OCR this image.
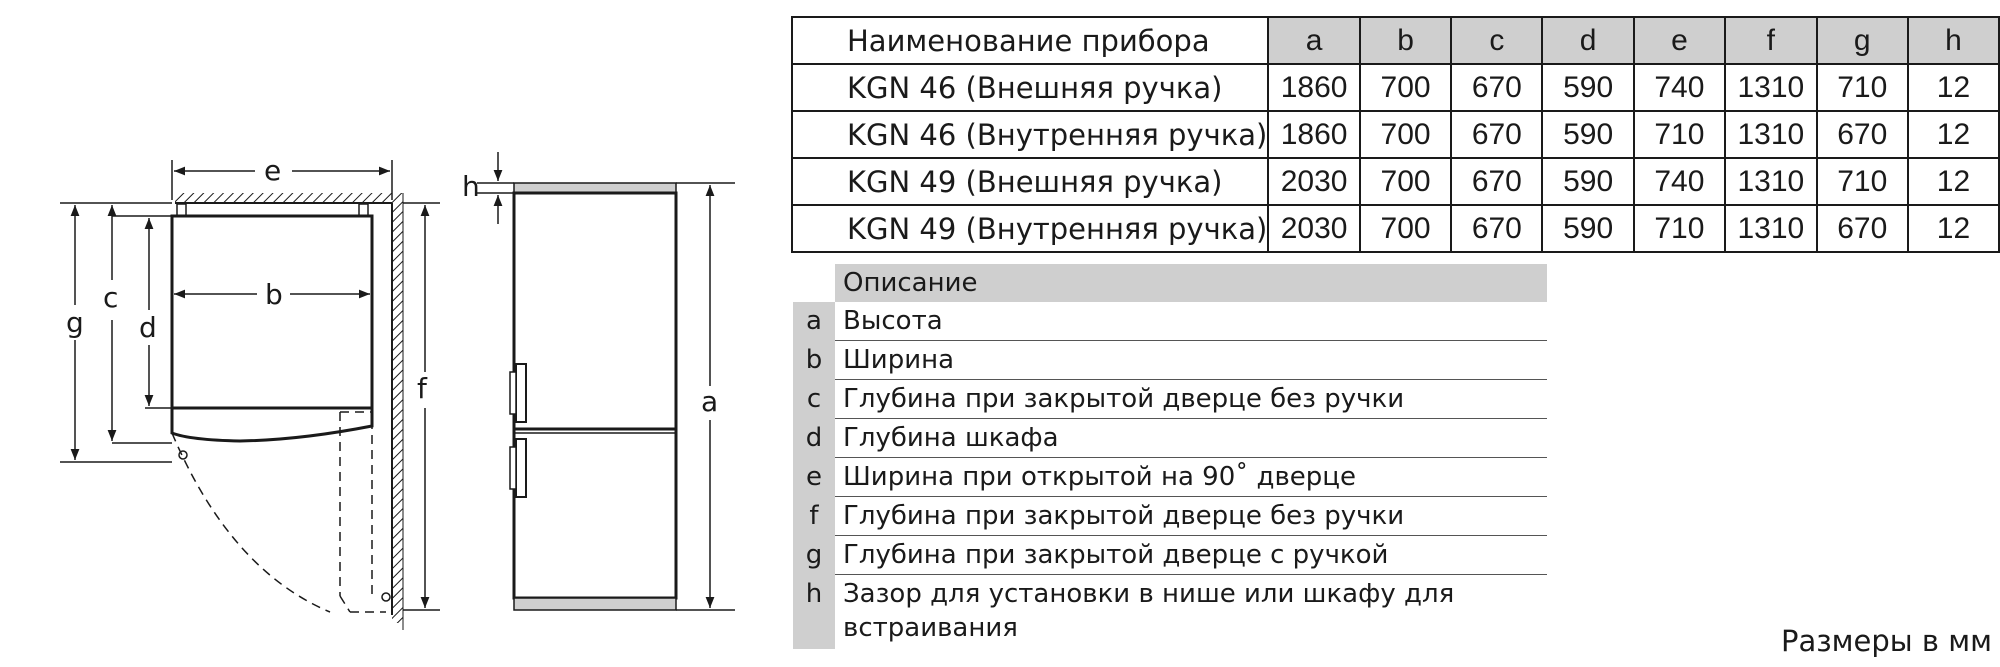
e
b
g
c
d
f
h
a
Наименование прибора	a	b	c	d	e	f	g	h
KGN 46 (Внешняя ручка)	1860	700	670	590	740	1310	710	12
KGN 46 (Внутренняя ручка)	1860	700	670	590	710	1310	670	12
KGN 49 (Внешняя ручка)	2030	700	670	590	740	1310	710	12
KGN 49 (Внутренняя ручка)	2030	700	670	590	710	1310	670	12
	Описание
a	Высота
b	Ширина
c	Глубина при закрытой дверце без ручки
d	Глубина шкафа
e	Ширина при открытой на 90˚ дверце
f	Глубина при закрытой дверце без ручки
g	Глубина при закрытой дверце с ручкой
h	Зазор для установки в нише или шкафу для встраивания	Размеры в мм
